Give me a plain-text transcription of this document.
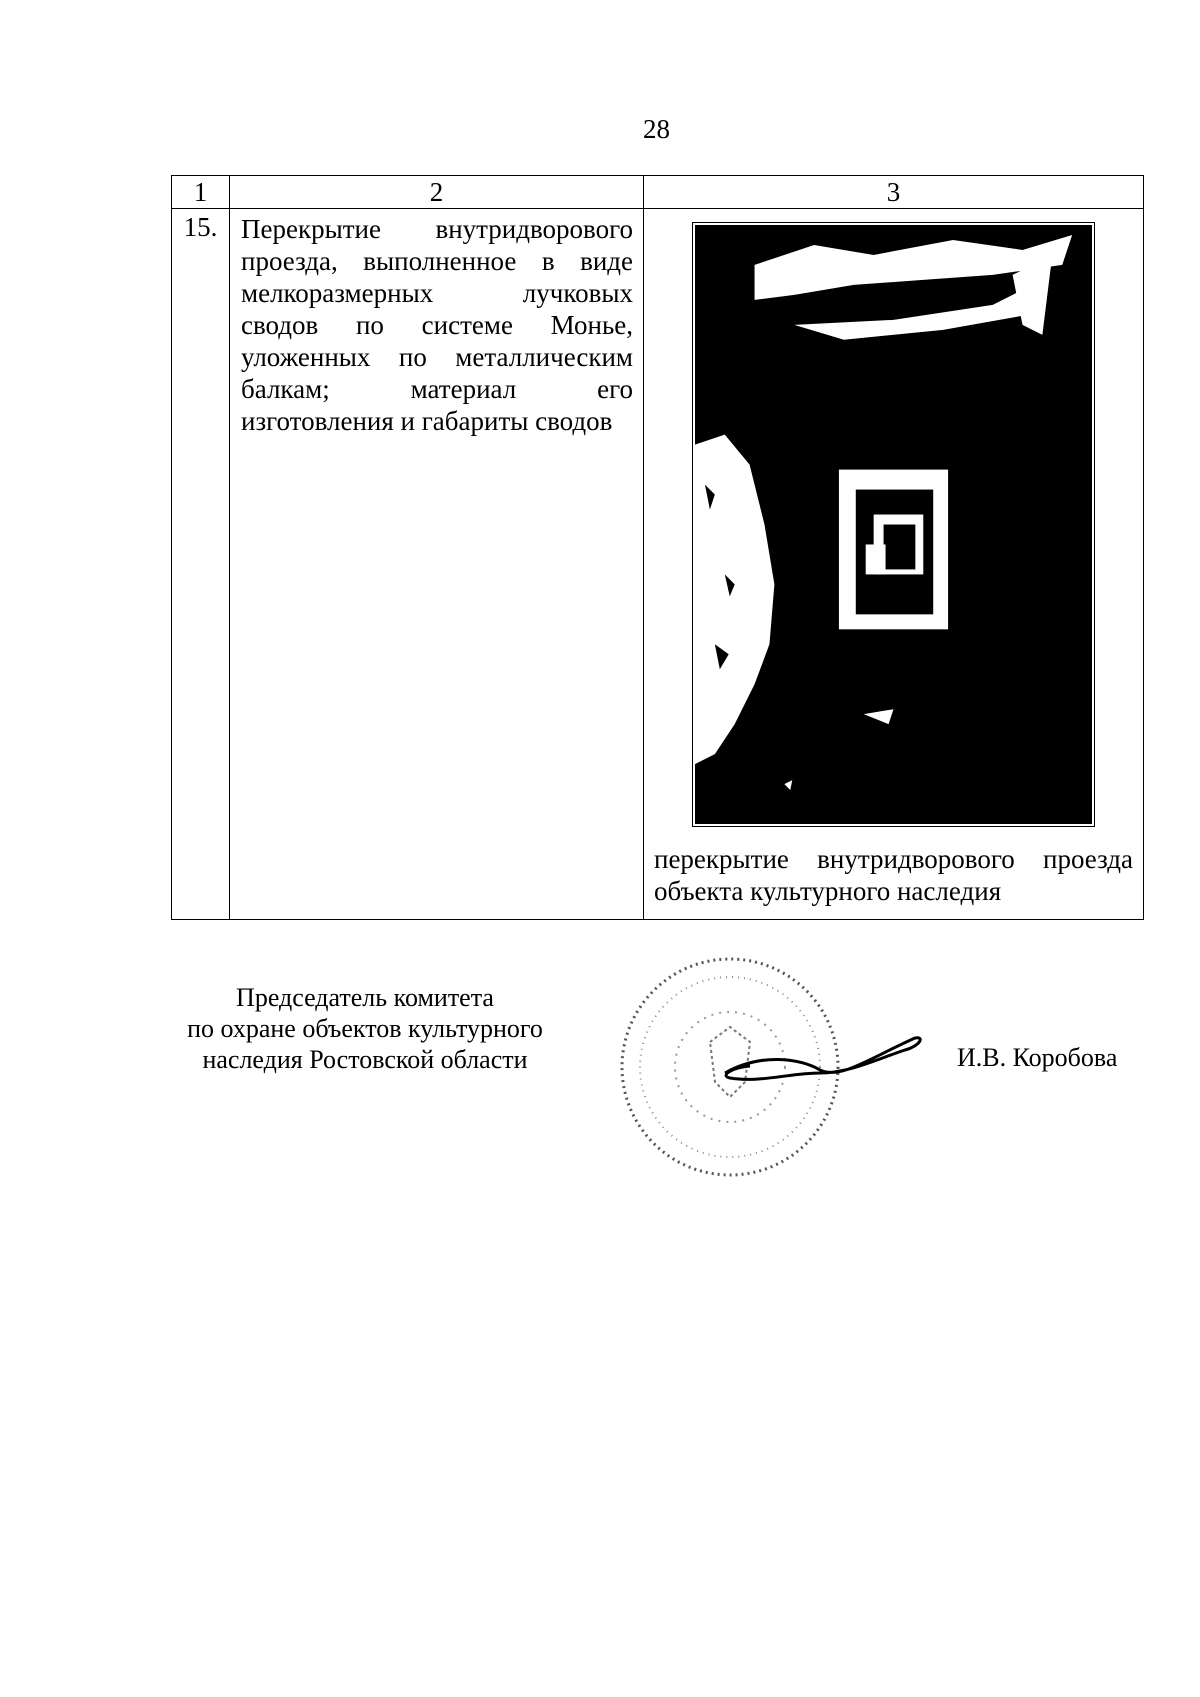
28
1	2	3
15.	Перекрытие внутридворового проезда, выполненное в виде мелкоразмерных лучковых сводов по системе Монье, уложенных по металлическим балкам; материал его изготовления и габариты сводов	перекрытие внутридворового проезда объекта культурного наследия
Председатель комитета
по охране объектов культурного
наследия Ростовской области	И.В. Коробова
